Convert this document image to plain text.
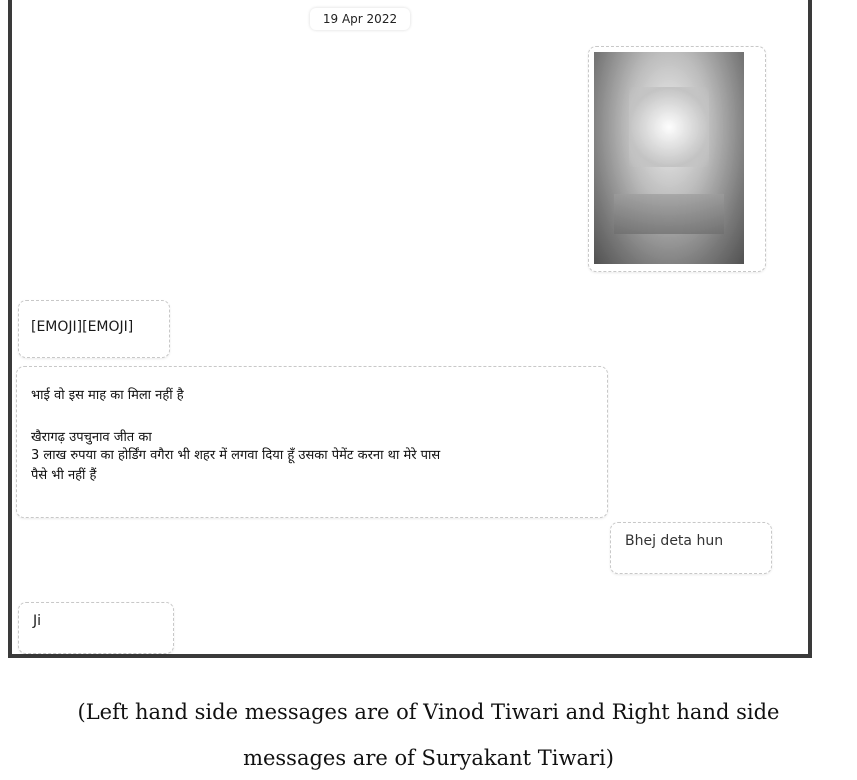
19 Apr 2022
[EMOJI][EMOJI]
भाई वो इस माह का मिला नहीं है
खैरागढ़ उपचुनाव जीत का
3 लाख रुपया का होर्डिंग वगैरा भी शहर में लगवा दिया हूँ उसका पेमेंट करना था मेरे पास
पैसे भी नहीं हैं
Bhej deta hun
Ji
(Left hand side messages are of Vinod Tiwari and Right hand side
messages are of Suryakant Tiwari)
